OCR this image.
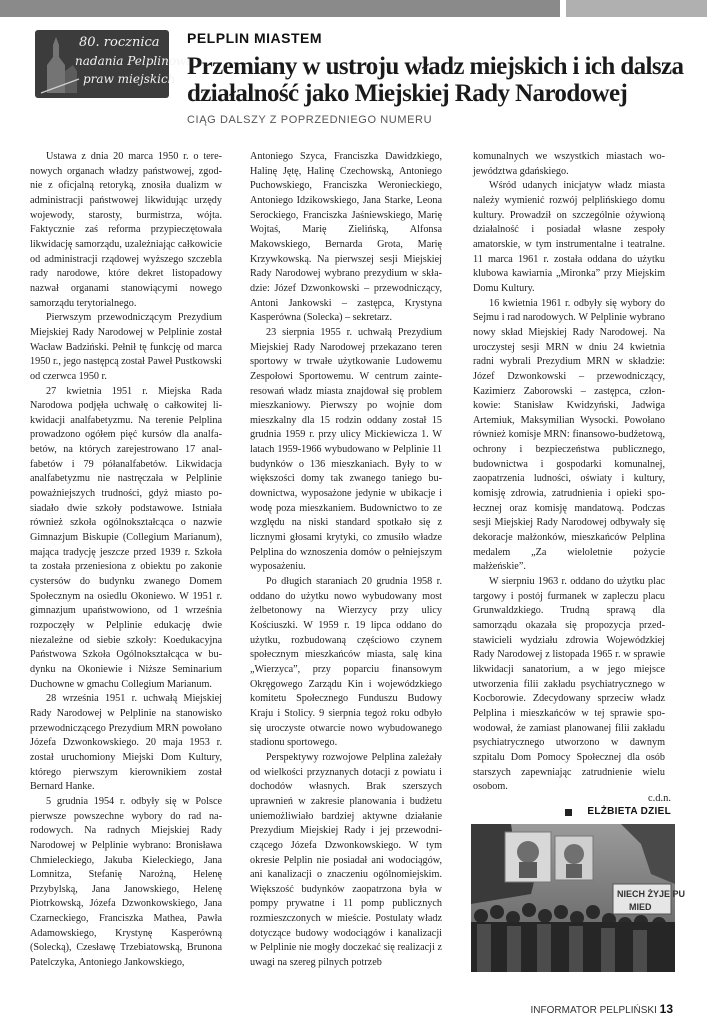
80. rocznica
nadania Pelplinowi
praw miejskich
PELPLIN MIASTEM
Przemiany w ustroju władz miejskich i ich dalsza działalność jako Miejskiej Rady Narodowej
CIĄG DALSZY Z POPRZEDNIEGO NUMERU

Ustawa z dnia 20 marca 1950 r. o terenowych organach władzy państwowej, zgodnie z oficjalną retoryką, znosiła dualizm w administracji państwowej likwidując urzędy wojewody, starosty, burmistrza, wójta. Faktycznie zaś reforma przypieczętowała likwidację samorządu, uzależniając całkowicie od administracji rządowej wyższego szczebla rady narodowe, które dekret listopadowy nazwał organami stanowiącymi nowego samorządu terytorialnego.

Pierwszym przewodniczącym Prezydium Miejskiej Rady Narodowej w Pelplinie został Wacław Badziński. Pełnił tę funkcję od marca 1950 r., jego następcą został Paweł Pustkowski od czerwca 1950 r.

27 kwietnia 1951 r. Miejska Rada Narodowa podjęła uchwałę o całkowitej likwidacji analfabetyzmu. Na terenie Pelplina prowadzono ogółem pięć kursów dla analfabetów, na których zarejestrowano 17 analfabetów i 79 półanalfabetów. Likwidacja analfabetyzmu nie nastręczała w Pelplinie poważniejszych trudności, gdyż miasto posiadało dwie szkoły podstawowe. Istniała również szkoła ogólnokształcąca o nazwie Gimnazjum Biskupie (Collegium Marianum), mająca tradycję jeszcze przed 1939 r. Szkoła ta została przeniesiona z obiektu po zakonie cystersów do budynku zwanego Domem Społecznym na osiedlu Okoniewo. W 1951 r. gimnazjum upaństwowiono, od 1 września rozpoczęły w Pelplinie edukację dwie niezależne od siebie szkoły: Koedukacyjna Państwowa Szkoła Ogólnokształcąca w budynku na Okoniewie i Niższe Seminarium Duchowne w gmachu Collegium Marianum.

28 września 1951 r. uchwałą Miejskiej Rady Narodowej w Pelplinie na stanowisko przewodniczącego Prezydium MRN powołano Józefa Dzwonkowskiego. 20 maja 1953 r. został uruchomiony Miejski Dom Kultury, którego pierwszym kierownikiem został Bernard Hanke.

5 grudnia 1954 r. odbyły się w Polsce pierwsze powszechne wybory do rad narodowych. Na radnych Miejskiej Rady Narodowej w Pelplinie wybrano: Bronisława Chmieleckiego, Jakuba Kieleckiego, Jana Lomnitza, Stefanię Narożną, Helenę Przybylską, Jana Janowskiego, Helenę Piotrkowską, Józefa Dzwonkowskiego, Jana Czarneckiego, Franciszka Mathea, Pawła Adamowskiego, Krystynę Kasperówną (Solecką), Czesławę Trzebiatowską, Brunona Patelczyka, Antoniego Jankowskiego,

Antoniego Szyca, Franciszka Dawidzkiego, Halinę Jętę, Halinę Czechowską, Antoniego Puchowskiego, Franciszka Weronieckiego, Antoniego Idzikowskiego, Jana Starke, Leona Serockiego, Franciszka Jaśniewskiego, Marię Wojtaś, Marię Zielińską, Alfonsa Makowskiego, Bernarda Grota, Marię Krzywkowską. Na pierwszej sesji Miejskiej Rady Narodowej wybrano prezydium w składzie: Józef Dzwonkowski – przewodniczący, Antoni Jankowski – zastępca, Krystyna Kasperówna (Solecka) – sekretarz.

23 sierpnia 1955 r. uchwałą Prezydium Miejskiej Rady Narodowej przekazano teren sportowy w trwałe użytkowanie Ludowemu Zespołowi Sportowemu. W centrum zainteresowań władz miasta znajdował się problem mieszkaniowy. Pierwszy po wojnie dom mieszkalny dla 15 rodzin oddany został 15 grudnia 1959 r. przy ulicy Mickiewicza 1. W latach 1959-1966 wybudowano w Pelplinie 11 budynków o 136 mieszkaniach. Były to w większości domy tak zwanego taniego budownictwa, wyposażone jedynie w ubikacje i wodę poza mieszkaniem. Budownictwo to ze względu na niski standard spotkało się z licznymi głosami krytyki, co zmusiło władze Pelplina do wznoszenia domów o pełniejszym wyposażeniu.

Po długich staraniach 20 grudnia 1958 r. oddano do użytku nowo wybudowany most żelbetonowy na Wierzycy przy ulicy Kościuszki. W 1959 r. 19 lipca oddano do użytku, rozbudowaną częściowo czynem społecznym mieszkańców miasta, salę kina „Wierzyca”, przy poparciu finansowym Okręgowego Zarządu Kin i wojewódzkiego komitetu Społecznego Funduszu Budowy Kraju i Stolicy. 9 sierpnia tegoż roku odbyło się uroczyste otwarcie nowo wybudowanego stadionu sportowego.

Perspektywy rozwojowe Pelplina zależały od wielkości przyznanych dotacji z powiatu i dochodów własnych. Brak szerszych uprawnień w zakresie planowania i budżetu uniemożliwiało bardziej aktywne działanie Prezydium Miejskiej Rady i jej przewodniczącego Józefa Dzwonkowskiego. W tym okresie Pelplin nie posiadał ani wodociągów, ani kanalizacji o znaczeniu ogólnomiejskim. Większość budynków zaopatrzona była w pompy prywatne i 11 pomp publicznych rozmieszczonych w mieście. Postulaty władz dotyczące budowy wodociągów i kanalizacji w Pelplinie nie mogły doczekać się realizacji z uwagi na szereg pilnych potrzeb

komunalnych we wszystkich miastach województwa gdańskiego.

Wśród udanych inicjatyw władz miasta należy wymienić rozwój pelplińskiego domu kultury. Prowadził on szczególnie ożywioną działalność i posiadał własne zespoły amatorskie, w tym instrumentalne i teatralne. 11 marca 1961 r. została oddana do użytku klubowa kawiarnia „Mironka” przy Miejskim Domu Kultury.

16 kwietnia 1961 r. odbyły się wybory do Sejmu i rad narodowych. W Pelplinie wybrano nowy skład Miejskiej Rady Narodowej. Na uroczystej sesji MRN w dniu 24 kwietnia radni wybrali Prezydium MRN w składzie: Józef Dzwonkowski – przewodniczący, Kazimierz Zaborowski – zastępca, członkowie: Stanisław Kwidzyński, Jadwiga Artemiuk, Maksymilian Wysocki. Powołano również komisje MRN: finansowo-budżetową, ochrony i bezpieczeństwa publicznego, budownictwa i gospodarki komunalnej, zaopatrzenia ludności, oświaty i kultury, komisję zdrowia, zatrudnienia i opieki społecznej oraz komisję mandatową. Podczas sesji Miejskiej Rady Narodowej odbywały się dekoracje małżonków, mieszkańców Pelplina medalem „Za wieloletnie pożycie małżeńskie”.

W sierpniu 1963 r. oddano do użytku plac targowy i postój furmanek w zapleczu placu Grunwaldzkiego. Trudną sprawą dla samorządu okazała się propozycja przedstawicieli wydziału zdrowia Wojewódzkiej Rady Narodowej z listopada 1965 r. w sprawie likwidacji sanatorium, a w jego miejsce utworzenia filii zakładu psychiatrycznego w Kocborowie. Zdecydowany sprzeciw władz Pelplina i mieszkańców w tej sprawie spowodował, że zamiast planowanej filii zakładu psychiatrycznego utworzono w dawnym szpitalu Dom Pomocy Społecznej dla osób starszych zapewniając zatrudnienie wielu osobom.

c.d.n.
ELŻBIETA DZIEL
NIECH ŻYJE PU
MIED
INFORMATOR PELPLIŃSKI 13
